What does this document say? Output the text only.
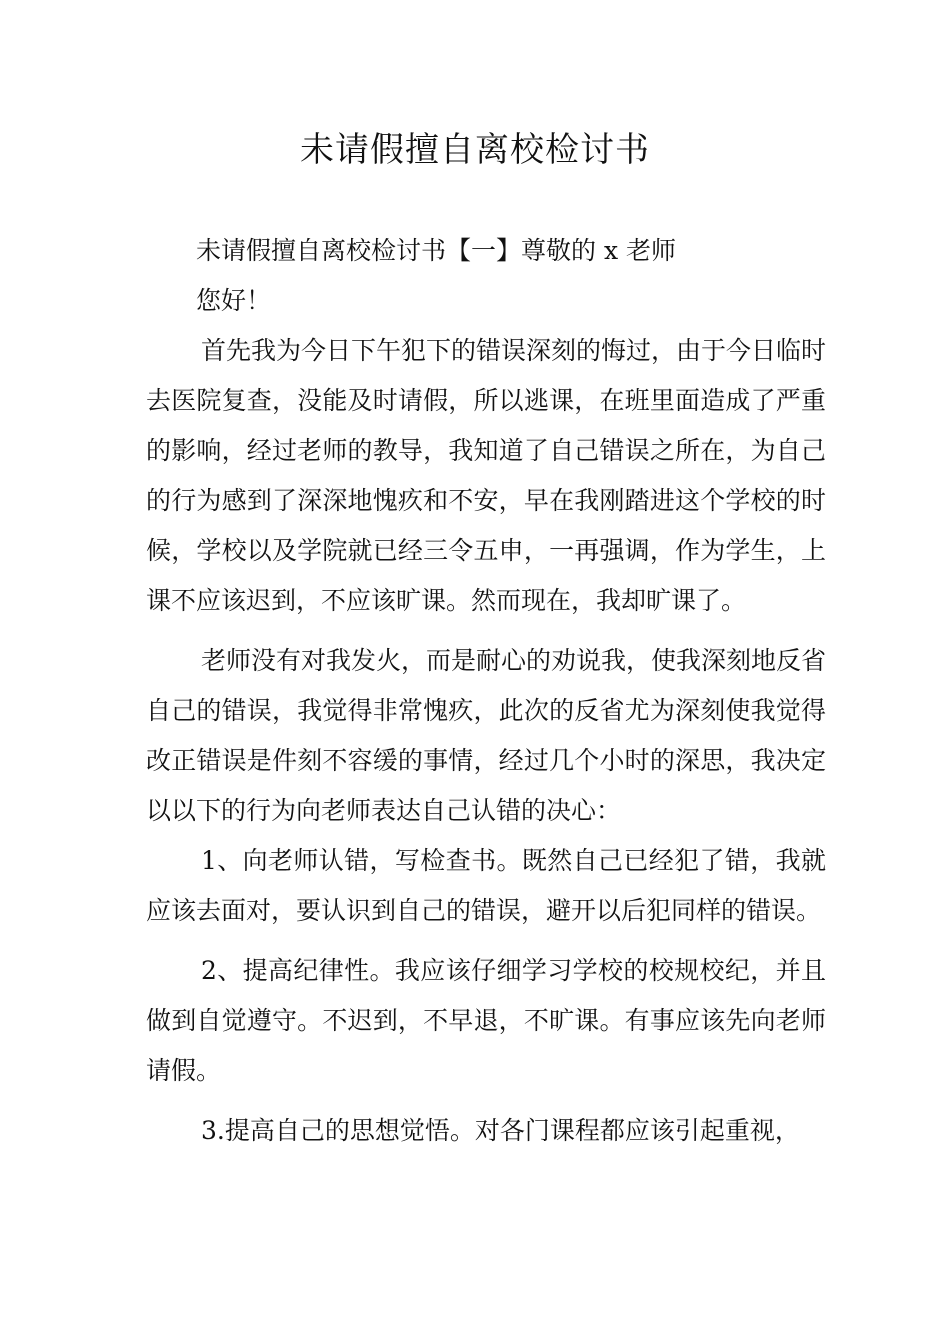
未请假擅自离校检讨书

未请假擅自离校检讨书【一】尊敬的 x 老师

您好！

首先我为今日下午犯下的错误深刻的悔过，由于今日临时去医院复查，没能及时请假，所以逃课，在班里面造成了严重的影响，经过老师的教导，我知道了自己错误之所在，为自己的行为感到了深深地愧疚和不安，早在我刚踏进这个学校的时候，学校以及学院就已经三令五申，一再强调，作为学生，上课不应该迟到，不应该旷课。然而现在，我却旷课了。

老师没有对我发火，而是耐心的劝说我，使我深刻地反省自己的错误，我觉得非常愧疚，此次的反省尤为深刻使我觉得改正错误是件刻不容缓的事情，经过几个小时的深思，我决定以以下的行为向老师表达自己认错的决心：

1、向老师认错，写检查书。既然自己已经犯了错，我就应该去面对，要认识到自己的错误，避开以后犯同样的错误。

2、提高纪律性。我应该仔细学习学校的校规校纪，并且做到自觉遵守。不迟到，不早退，不旷课。有事应该先向老师请假。

3.提高自己的思想觉悟。对各门课程都应该引起重视，
